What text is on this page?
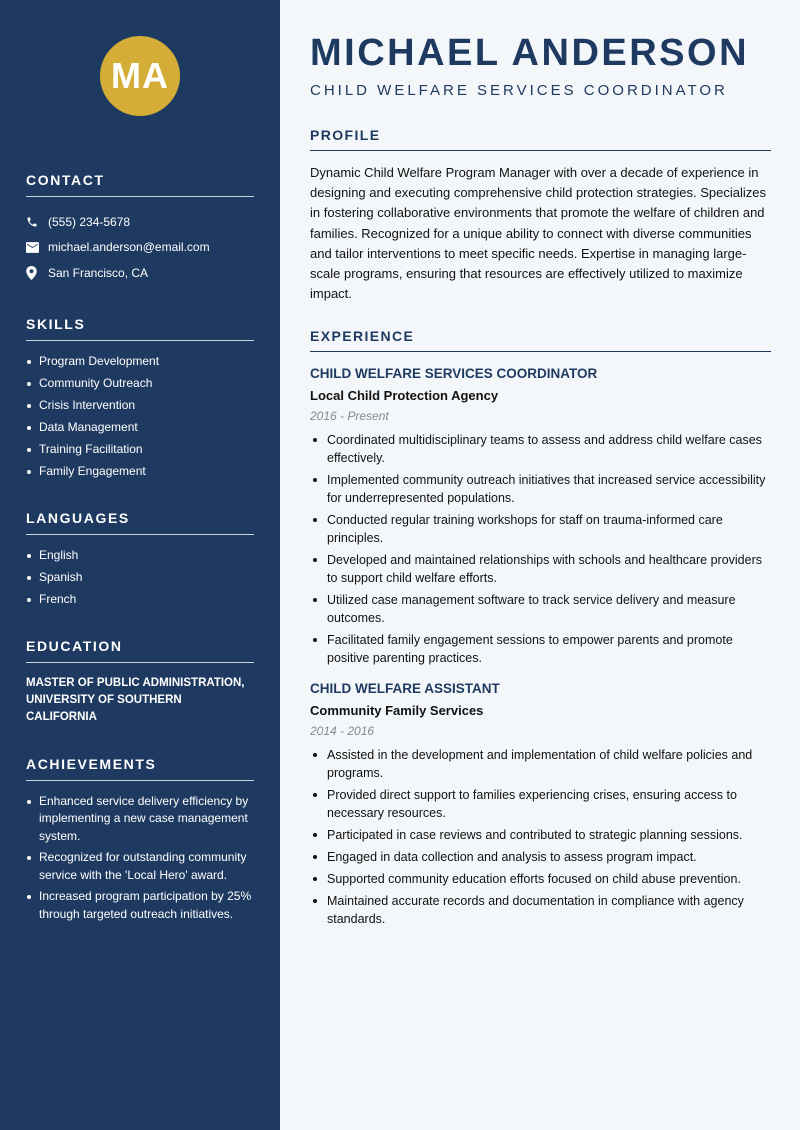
MA
CONTACT
(555) 234-5678
michael.anderson@email.com
San Francisco, CA
SKILLS
Program Development
Community Outreach
Crisis Intervention
Data Management
Training Facilitation
Family Engagement
LANGUAGES
English
Spanish
French
EDUCATION
MASTER OF PUBLIC ADMINISTRATION, UNIVERSITY OF SOUTHERN CALIFORNIA
ACHIEVEMENTS
Enhanced service delivery efficiency by implementing a new case management system.
Recognized for outstanding community service with the 'Local Hero' award.
Increased program participation by 25% through targeted outreach initiatives.
MICHAEL ANDERSON
CHILD WELFARE SERVICES COORDINATOR
PROFILE

Dynamic Child Welfare Program Manager with over a decade of experience in designing and executing comprehensive child protection strategies. Specializes in fostering collaborative environments that promote the welfare of children and families. Recognized for a unique ability to connect with diverse communities and tailor interventions to meet specific needs. Expertise in managing large-scale programs, ensuring that resources are effectively utilized to maximize impact.

EXPERIENCE
CHILD WELFARE SERVICES COORDINATOR
Local Child Protection Agency
2016 - Present
Coordinated multidisciplinary teams to assess and address child welfare cases effectively.
Implemented community outreach initiatives that increased service accessibility for underrepresented populations.
Conducted regular training workshops for staff on trauma-informed care principles.
Developed and maintained relationships with schools and healthcare providers to support child welfare efforts.
Utilized case management software to track service delivery and measure outcomes.
Facilitated family engagement sessions to empower parents and promote positive parenting practices.
CHILD WELFARE ASSISTANT
Community Family Services
2014 - 2016
Assisted in the development and implementation of child welfare policies and programs.
Provided direct support to families experiencing crises, ensuring access to necessary resources.
Participated in case reviews and contributed to strategic planning sessions.
Engaged in data collection and analysis to assess program impact.
Supported community education efforts focused on child abuse prevention.
Maintained accurate records and documentation in compliance with agency standards.
